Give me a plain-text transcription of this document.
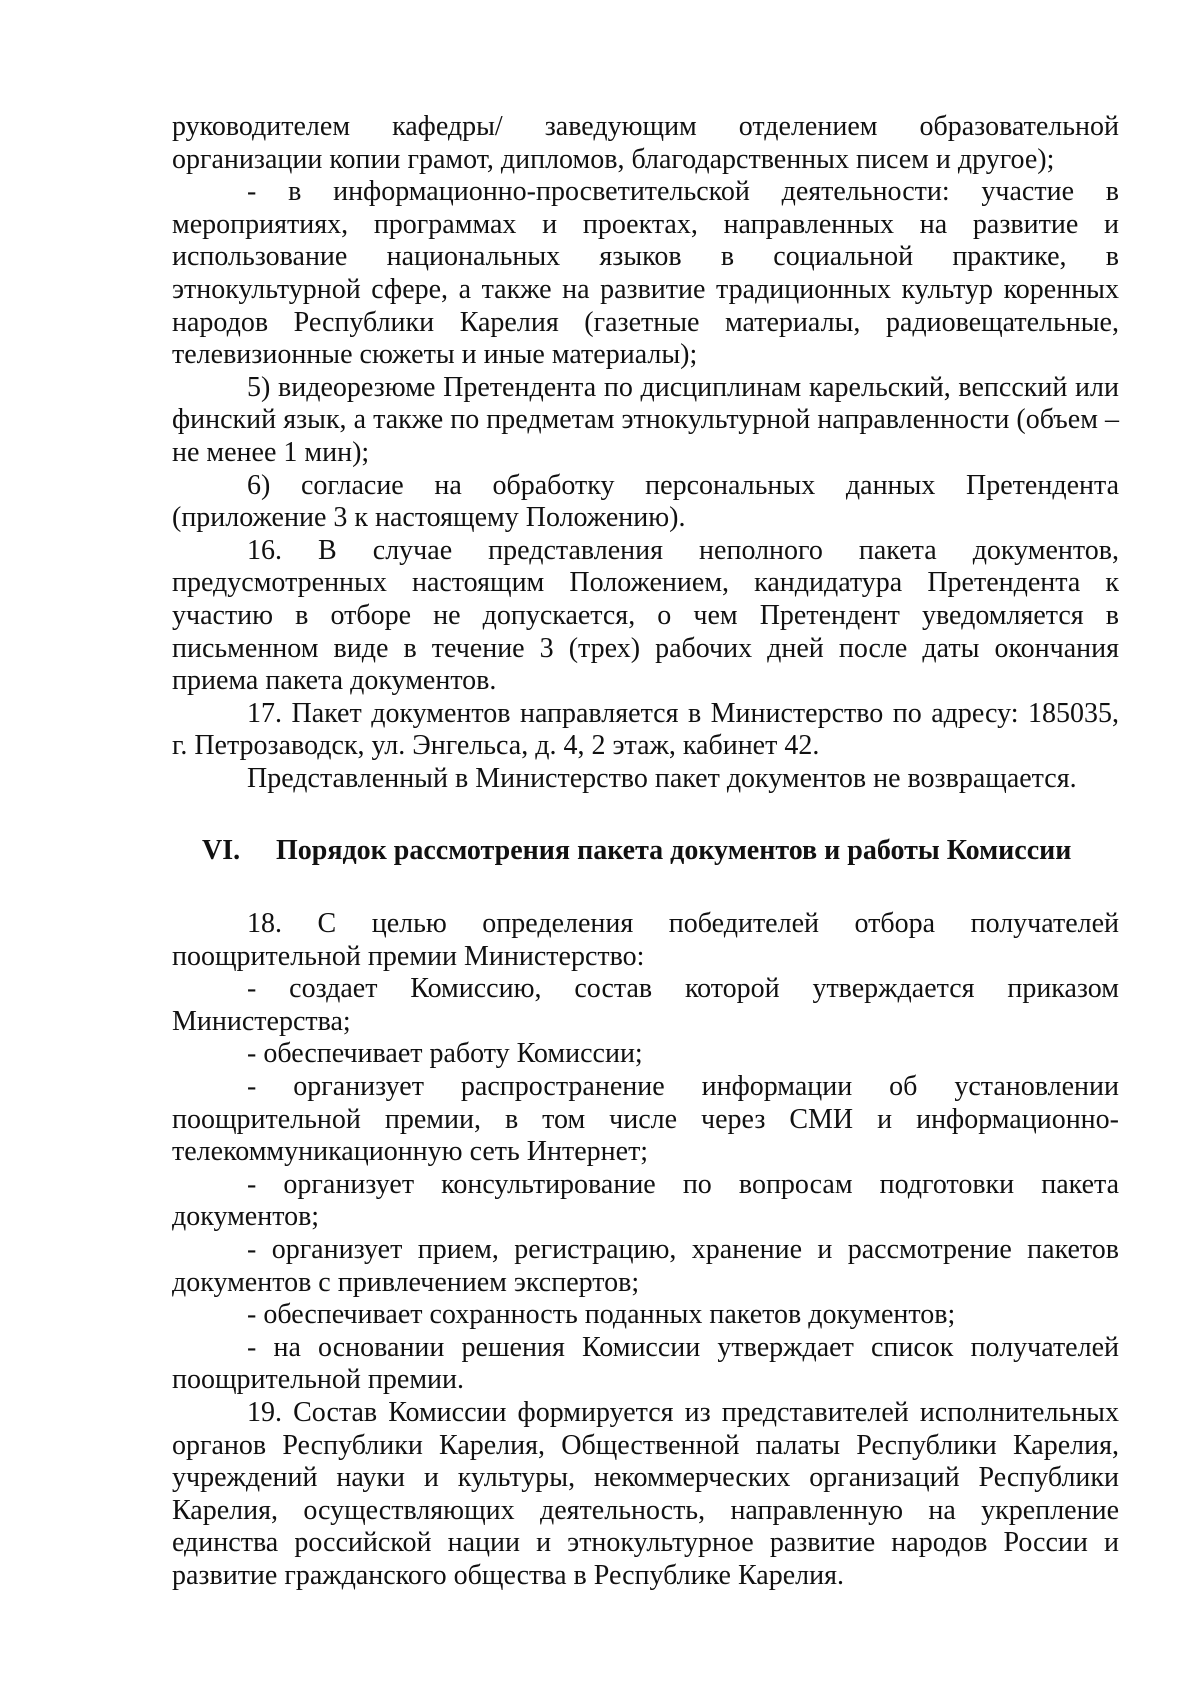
руководителем кафедры/ заведующим отделением образовательной организации копии грамот, дипломов, благодарственных писем и другое);

- в информационно-просветительской деятельности: участие в мероприятиях, программах и проектах, направленных на развитие и использование национальных языков в социальной практике, в этнокультурной сфере, а также на развитие традиционных культур коренных народов Республики Карелия (газетные материалы, радиовещательные, телевизионные сюжеты и иные материалы);

5) видеорезюме Претендента по дисциплинам карельский, вепсский или финский язык, а также по предметам этнокультурной направленности (объем – не менее 1 мин);

6) согласие на обработку персональных данных Претендента (приложение 3 к настоящему Положению).

16. В случае представления неполного пакета документов, предусмотренных настоящим Положением, кандидатура Претендента к участию в отборе не допускается, о чем Претендент уведомляется в письменном виде в течение 3 (трех) рабочих дней после даты окончания приема пакета документов.

17. Пакет документов направляется в Министерство по адресу: 185035, г. Петрозаводск, ул. Энгельса, д. 4, 2 этаж, кабинет 42.

Представленный в Министерство пакет документов не возвращается.

VI.	Порядок рассмотрения пакета документов и работы Комиссии

18. С целью определения победителей отбора получателей поощрительной премии Министерство:

- создает Комиссию, состав которой утверждается приказом Министерства;

- обеспечивает работу Комиссии;

- организует распространение информации об установлении поощрительной премии, в том числе через СМИ и информационно-телекоммуникационную сеть Интернет;

- организует консультирование по вопросам подготовки пакета документов;

- организует прием, регистрацию, хранение и рассмотрение пакетов документов с привлечением экспертов;

- обеспечивает сохранность поданных пакетов документов;

- на основании решения Комиссии утверждает список получателей поощрительной премии.

19. Состав Комиссии формируется из представителей исполнительных органов Республики Карелия, Общественной палаты Республики Карелия, учреждений науки и культуры, некоммерческих организаций Республики Карелия, осуществляющих деятельность, направленную на укрепление единства российской нации и этнокультурное развитие народов России и развитие гражданского общества в Республике Карелия.
